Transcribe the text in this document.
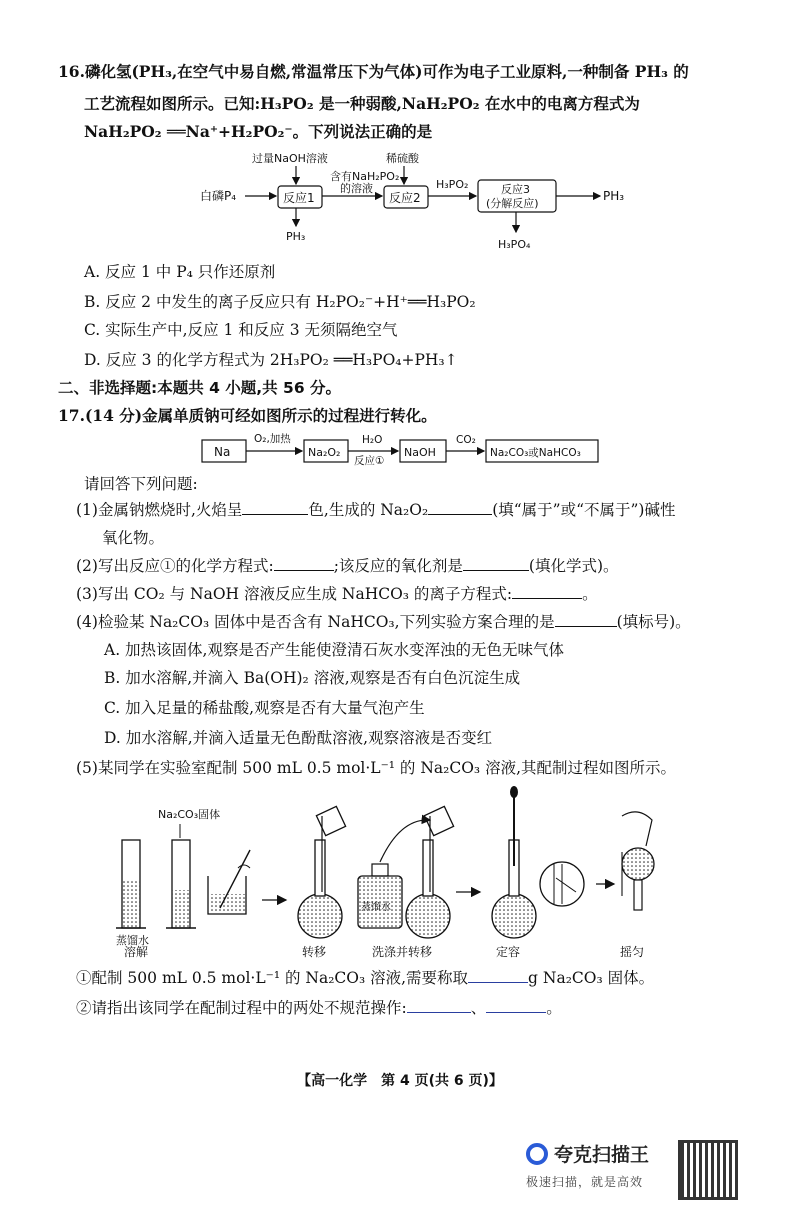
16.磷化氢(PH₃,在空气中易自燃,常温常压下为气体)可作为电子工业原料,一种制备 PH₃ 的
工艺流程如图所示。已知:H₃PO₂ 是一种弱酸,NaH₂PO₂ 在水中的电离方程式为
NaH₂PO₂ ══Na⁺+H₂PO₂⁻。下列说法正确的是
白磷P₄
过量NaOH溶液
反应1
PH₃
含有NaH₂PO₂
的溶液
稀硫酸
反应2
H₃PO₂	反应3
(分解反应)
PH₃
H₃PO₄
A. 反应 1 中 P₄ 只作还原剂
B. 反应 2 中发生的离子反应只有 H₂PO₂⁻+H⁺══H₃PO₂
C. 实际生产中,反应 1 和反应 3 无须隔绝空气
D. 反应 3 的化学方程式为 2H₃PO₂ ══H₃PO₄+PH₃↑
二、非选择题:本题共 4 小题,共 56 分。
17.(14 分)金属单质钠可经如图所示的过程进行转化。
Na
O₂,加热
Na₂O₂
H₂O
反应①
NaOH
CO₂
Na₂CO₃或NaHCO₃
请回答下列问题:
(1)金属钠燃烧时,火焰呈	色,生成的 Na₂O₂	(填“属于”或“不属于”)碱性
氧化物。
(2)写出反应①的化学方程式:	;该反应的氧化剂是	(填化学式)。
(3)写出 CO₂ 与 NaOH 溶液反应生成 NaHCO₃ 的离子方程式:	。
(4)检验某 Na₂CO₃ 固体中是否含有 NaHCO₃,下列实验方案合理的是	(填标号)。
A. 加热该固体,观察是否产生能使澄清石灰水变浑浊的无色无味气体
B. 加水溶解,并滴入 Ba(OH)₂ 溶液,观察是否有白色沉淀生成
C. 加入足量的稀盐酸,观察是否有大量气泡产生
D. 加水溶解,并滴入适量无色酚酞溶液,观察溶液是否变红
(5)某同学在实验室配制 500 mL 0.5 mol·L⁻¹ 的 Na₂CO₃ 溶液,其配制过程如图所示。
Na₂CO₃固体
蒸馏水
溶解	转移
蒸馏水
洗涤并转移	定容	摇匀
①配制 500 mL 0.5 mol·L⁻¹ 的 Na₂CO₃ 溶液,需要称取	g Na₂CO₃ 固体。
②请指出该同学在配制过程中的两处不规范操作:	、	。
【高一化学　第 4 页(共 6 页)】
夸克扫描王
极速扫描，就是高效
